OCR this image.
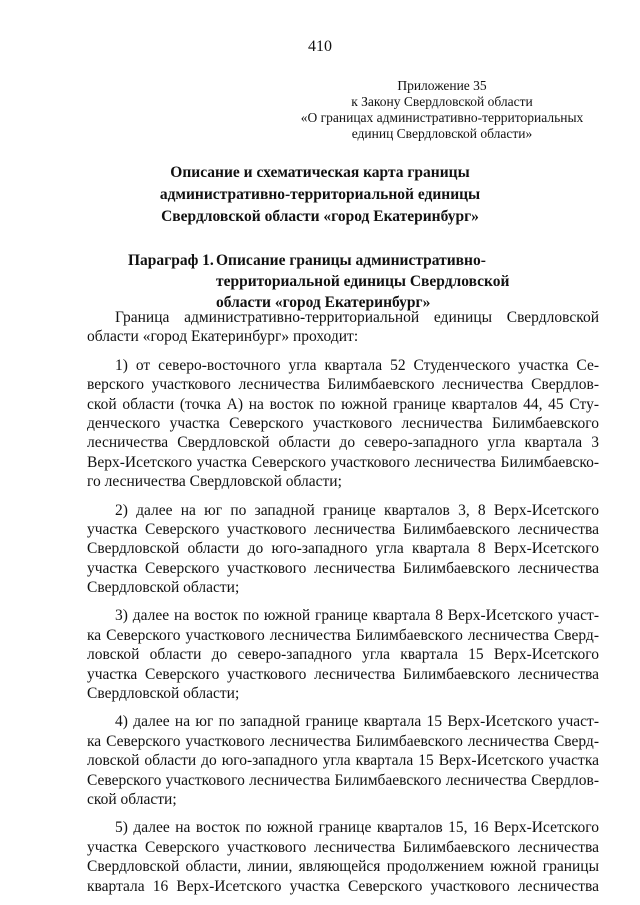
410
Приложение 35
к Закону Свердловской области
«О границах административно-территориальных
единиц Свердловской области»
Описание и схематическая карта границы
административно-территориальной единицы
Свердловской области «город Екатеринбург»
Параграф 1. Описание границы административно-
территориальной единицы Свердловской
области «город Екатеринбург»
Граница административно-территориальной единицы Свердловской
области «город Екатеринбург» проходит:
1) от северо-восточного угла квартала 52 Студенческого участка Се-
верского участкового лесничества Билимбаевского лесничества Свердлов-
ской области (точка А) на восток по южной границе кварталов 44, 45 Сту-
денческого участка Северского участкового лесничества Билимбаевского
лесничества Свердловской области до северо-западного угла квартала 3
Верх-Исетского участка Северского участкового лесничества Билимбаевско-
го лесничества Свердловской области;
2) далее на юг по западной границе кварталов 3, 8 Верх-Исетского
участка Северского участкового лесничества Билимбаевского лесничества
Свердловской области до юго-западного угла квартала 8 Верх-Исетского
участка Северского участкового лесничества Билимбаевского лесничества
Свердловской области;
3) далее на восток по южной границе квартала 8 Верх-Исетского участ-
ка Северского участкового лесничества Билимбаевского лесничества Сверд-
ловской области до северо-западного угла квартала 15 Верх-Исетского
участка Северского участкового лесничества Билимбаевского лесничества
Свердловской области;
4) далее на юг по западной границе квартала 15 Верх-Исетского участ-
ка Северского участкового лесничества Билимбаевского лесничества Сверд-
ловской области до юго-западного угла квартала 15 Верх-Исетского участка
Северского участкового лесничества Билимбаевского лесничества Свердлов-
ской области;
5) далее на восток по южной границе кварталов 15, 16 Верх-Исетского
участка Северского участкового лесничества Билимбаевского лесничества
Свердловской области, линии, являющейся продолжением южной границы
квартала 16 Верх-Исетского участка Северского участкового лесничества
